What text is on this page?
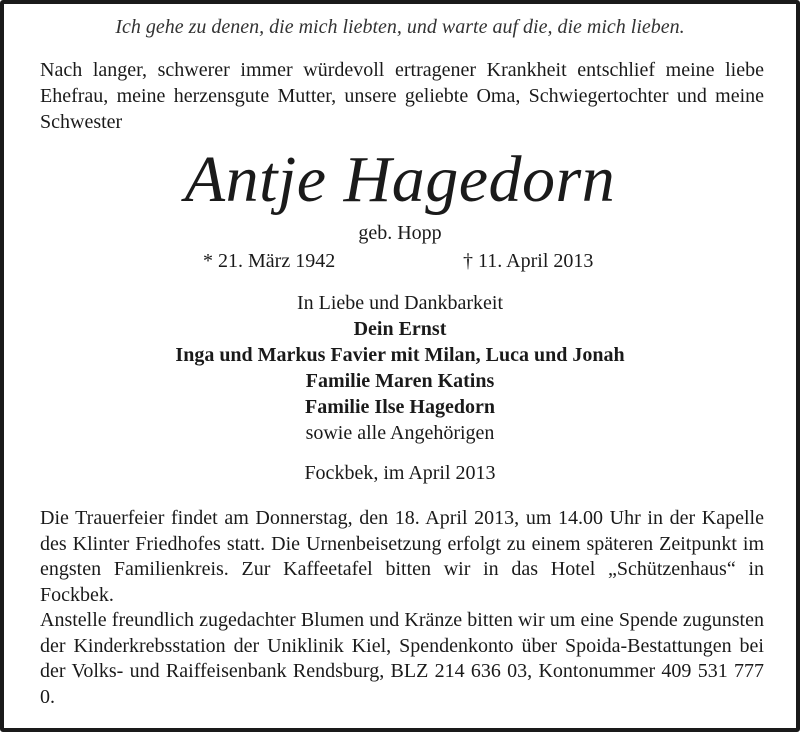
Ich gehe zu denen, die mich liebten, und warte auf die, die mich lieben.
Nach langer, schwerer immer würdevoll ertragener Krankheit entschlief meine liebe Ehefrau, meine herzensgute Mutter, unsere geliebte Oma, Schwiegertochter und meine Schwester
Antje Hagedorn
geb. Hopp
* 21. März 1942	† 11. April 2013
In Liebe und Dankbarkeit
Dein Ernst
Inga und Markus Favier mit Milan, Luca und Jonah
Familie Maren Katins
Familie Ilse Hagedorn
sowie alle Angehörigen
Fockbek, im April 2013

Die Trauerfeier findet am Donnerstag, den 18. April 2013, um 14.00 Uhr in der Kapelle des Klinter Friedhofes statt. Die Urnenbeisetzung erfolgt zu einem späteren Zeitpunkt im engsten Familienkreis. Zur Kaffeetafel bitten wir in das Hotel „Schützenhaus“ in Fockbek.

Anstelle freundlich zugedachter Blumen und Kränze bitten wir um eine Spende zugunsten der Kinderkrebsstation der Uniklinik Kiel, Spendenkonto über Spoida-Bestattungen bei der Volks- und Raiffeisenbank Rendsburg, BLZ 214 636 03, Kontonummer 409 531 777 0.
